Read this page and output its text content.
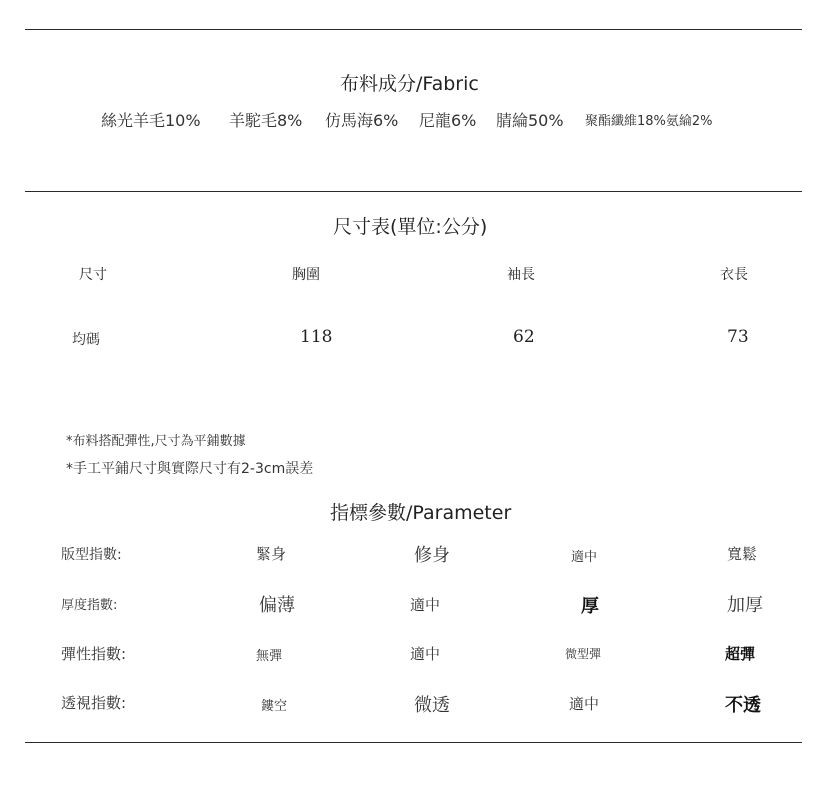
布料成分/Fabric
絲光羊毛10% 羊駝毛8% 仿馬海6% 尼龍6% 腈綸50% 聚酯纖維18%氨綸2%
尺寸表(單位:公分)
尺寸	胸圍	袖長	衣長
均碼	118	62	73
*布料搭配彈性,尺寸為平鋪數據
*手工平鋪尺寸與實際尺寸有2-3cm誤差
指標參數/Parameter
版型指數:	緊身	修身	適中	寬鬆
厚度指數:	偏薄	適中	厚	加厚
彈性指數:	無彈	適中	微型彈	超彈
透視指數:	鏤空	微透	適中	不透
